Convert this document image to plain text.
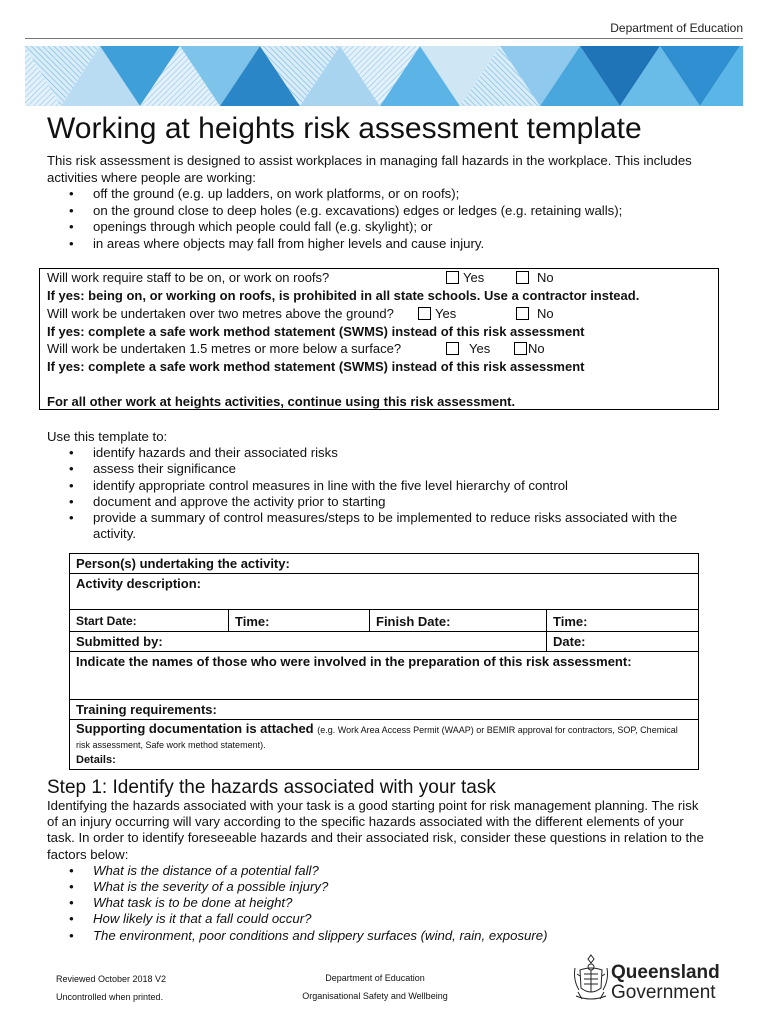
Department of Education
Working at heights risk assessment template

This risk assessment is designed to assist workplaces in managing fall hazards in the workplace. This includes activities where people are working:

• off the ground (e.g. up ladders, on work platforms, or on roofs);
• on the ground close to deep holes (e.g. excavations) edges or ledges (e.g. retaining walls);
• openings through which people could fall (e.g. skylight); or
• in areas where objects may fall from higher levels and cause injury.
Will work require staff to be on, or work on roofs?	Yes	No
If yes: being on, or working on roofs, is prohibited in all state schools. Use a contractor instead.
Will work be undertaken over two metres above the ground?	Yes	No
If yes: complete a safe work method statement (SWMS) instead of this risk assessment
Will work be undertaken 1.5 metres or more below a surface?	Yes	No
If yes: complete a safe work method statement (SWMS) instead of this risk assessment
For all other work at heights activities, continue using this risk assessment.

Use this template to:

• identify hazards and their associated risks
• assess their significance
• identify appropriate control measures in line with the five level hierarchy of control
• document and approve the activity prior to starting
• provide a summary of control measures/steps to be implemented to reduce risks associated with the activity.
Person(s) undertaking the activity:			
Activity description:			
Start Date:	Time:	Finish Date:	Time:
Submitted by:			Date:
Indicate the names of those who were involved in the preparation of this risk assessment:			
Training requirements:			
Supporting documentation is attached (e.g. Work Area Access Permit (WAAP) or BEMIR approval for contractors, SOP, Chemical risk assessment, Safe work method statement).
Details:			
Step 1: Identify the hazards associated with your task

Identifying the hazards associated with your task is a good starting point for risk management planning. The risk of an injury occurring will vary according to the specific hazards associated with the different elements of your task. In order to identify foreseeable hazards and their associated risk, consider these questions in relation to the factors below:

• What is the distance of a potential fall?
• What is the severity of a possible injury?
• What task is to be done at height?
• How likely is it that a fall could occur?
• The environment, poor conditions and slippery surfaces (wind, rain, exposure)
Reviewed October 2018 V2
Uncontrolled when printed.
Department of Education
Organisational Safety and Wellbeing
Queensland
Government
